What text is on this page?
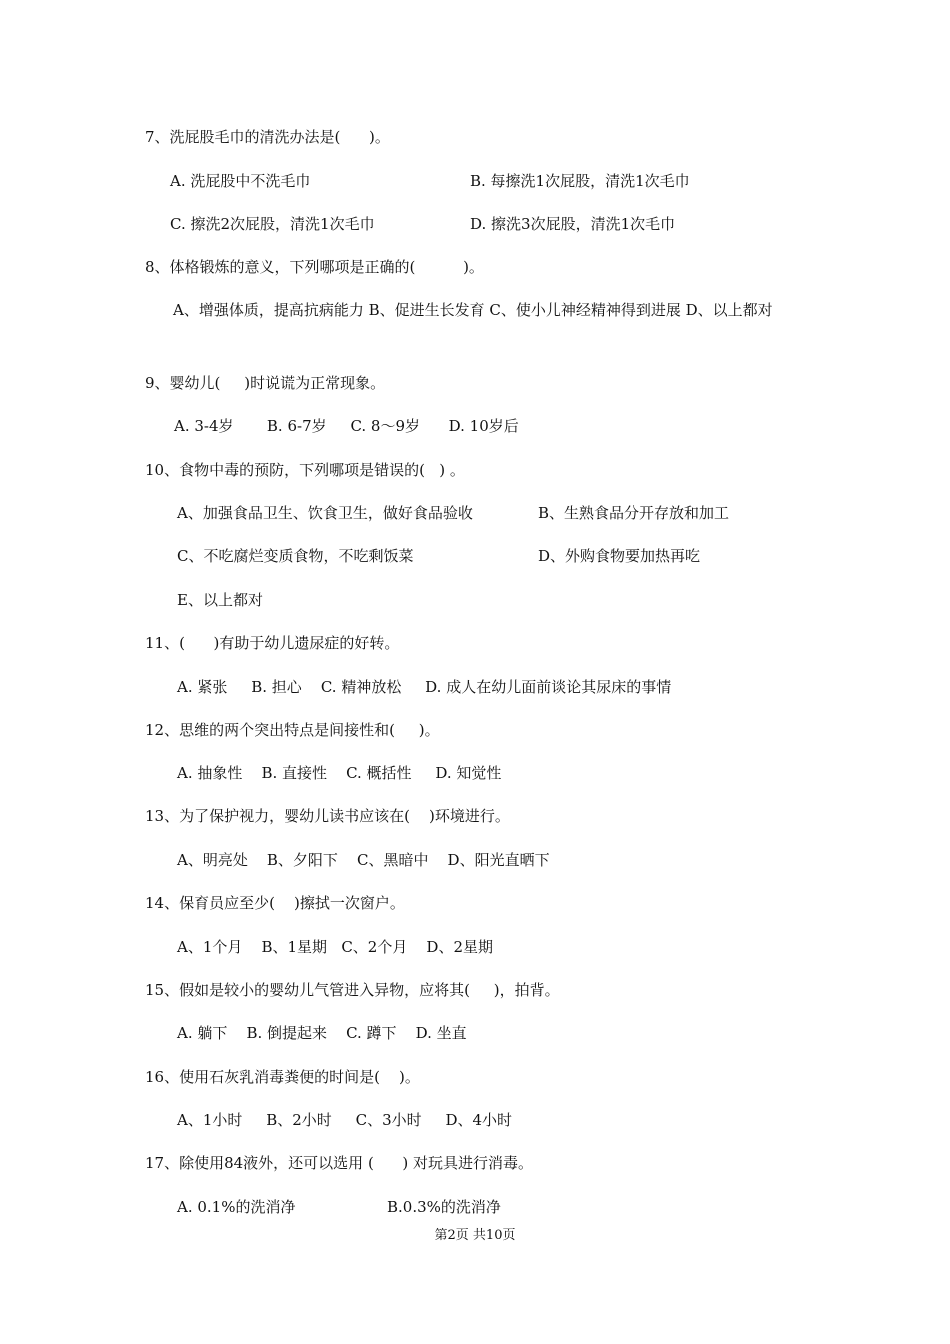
7、洗屁股毛巾的清洗办法是(      )。
A. 洗屁股中不洗毛巾	B. 每擦洗1次屁股，清洗1次毛巾
C. 擦洗2次屁股，清洗1次毛巾	D. 擦洗3次屁股，清洗1次毛巾
8、体格锻炼的意义，下列哪项是正确的(          )。
A、增强体质，提高抗病能力 B、促进生长发育 C、使小儿神经精神得到进展 D、以上都对
9、婴幼儿(     )时说谎为正常现象。
A. 3-4岁       B. 6-7岁     C. 8～9岁      D. 10岁后
10、食物中毒的预防，下列哪项是错误的(   ) 。
A、加强食品卫生、饮食卫生，做好食品验收	B、生熟食品分开存放和加工
C、不吃腐烂变质食物，不吃剩饭菜	D、外购食物要加热再吃
E、以上都对
11、(      )有助于幼儿遗尿症的好转。
A. 紧张     B. 担心    C. 精神放松     D. 成人在幼儿面前谈论其尿床的事情
12、思维的两个突出特点是间接性和(     )。
A. 抽象性    B. 直接性    C. 概括性     D. 知觉性
13、为了保护视力，婴幼儿读书应该在(    )环境进行。
A、明亮处    B、夕阳下    C、黑暗中    D、阳光直晒下
14、保育员应至少(    )擦拭一次窗户。
A、1个月    B、1星期   C、2个月    D、2星期
15、假如是较小的婴幼儿气管进入异物，应将其(     )，拍背。
A. 躺下    B. 倒提起来    C. 蹲下    D. 坐直
16、使用石灰乳消毒粪便的时间是(    )。
A、1小时     B、2小时     C、3小时     D、4小时
17、除使用84液外，还可以选用 (      ) 对玩具进行消毒。
A. 0.1%的洗消净	B.0.3%的洗消净
第2页 共10页
